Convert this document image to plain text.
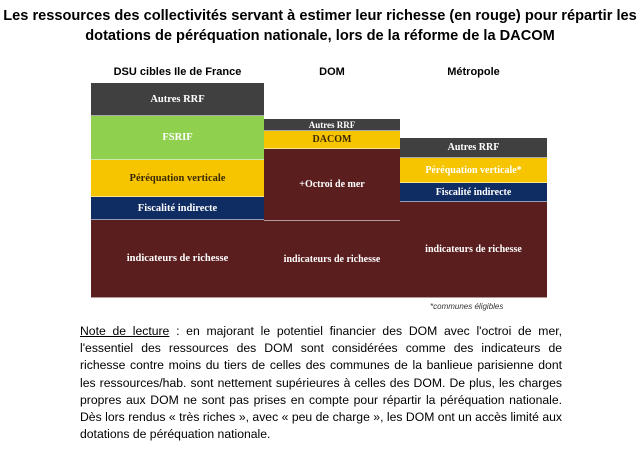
Les ressources des collectivités servant à estimer leur richesse (en rouge) pour répartir les dotations de péréquation nationale, lors de la réforme de la DACOM
DSU cibles Ile de France
indicateurs de richesse
Fiscalité indirecte
Péréquation verticale
FSRIF
Autres RRF
DOM
indicateurs de richesse
+Octroi de mer
DACOM
Autres RRF
Métropole
indicateurs de richesse
Fiscalité indirecte
Péréquation verticale*
Autres RRF
*communes éligibles
Note de lecture : en majorant le potentiel financier des DOM avec l'octroi de mer, l'essentiel des ressources des DOM sont considérées comme des indicateurs de richesse contre moins du tiers de celles des communes de la banlieue parisienne dont les ressources/hab. sont nettement supérieures à celles des DOM. De plus, les charges propres aux DOM ne sont pas prises en compte pour répartir la péréquation nationale. Dès lors rendus « très riches », avec « peu de charge », les DOM ont un accès limité aux dotations de péréquation nationale.
